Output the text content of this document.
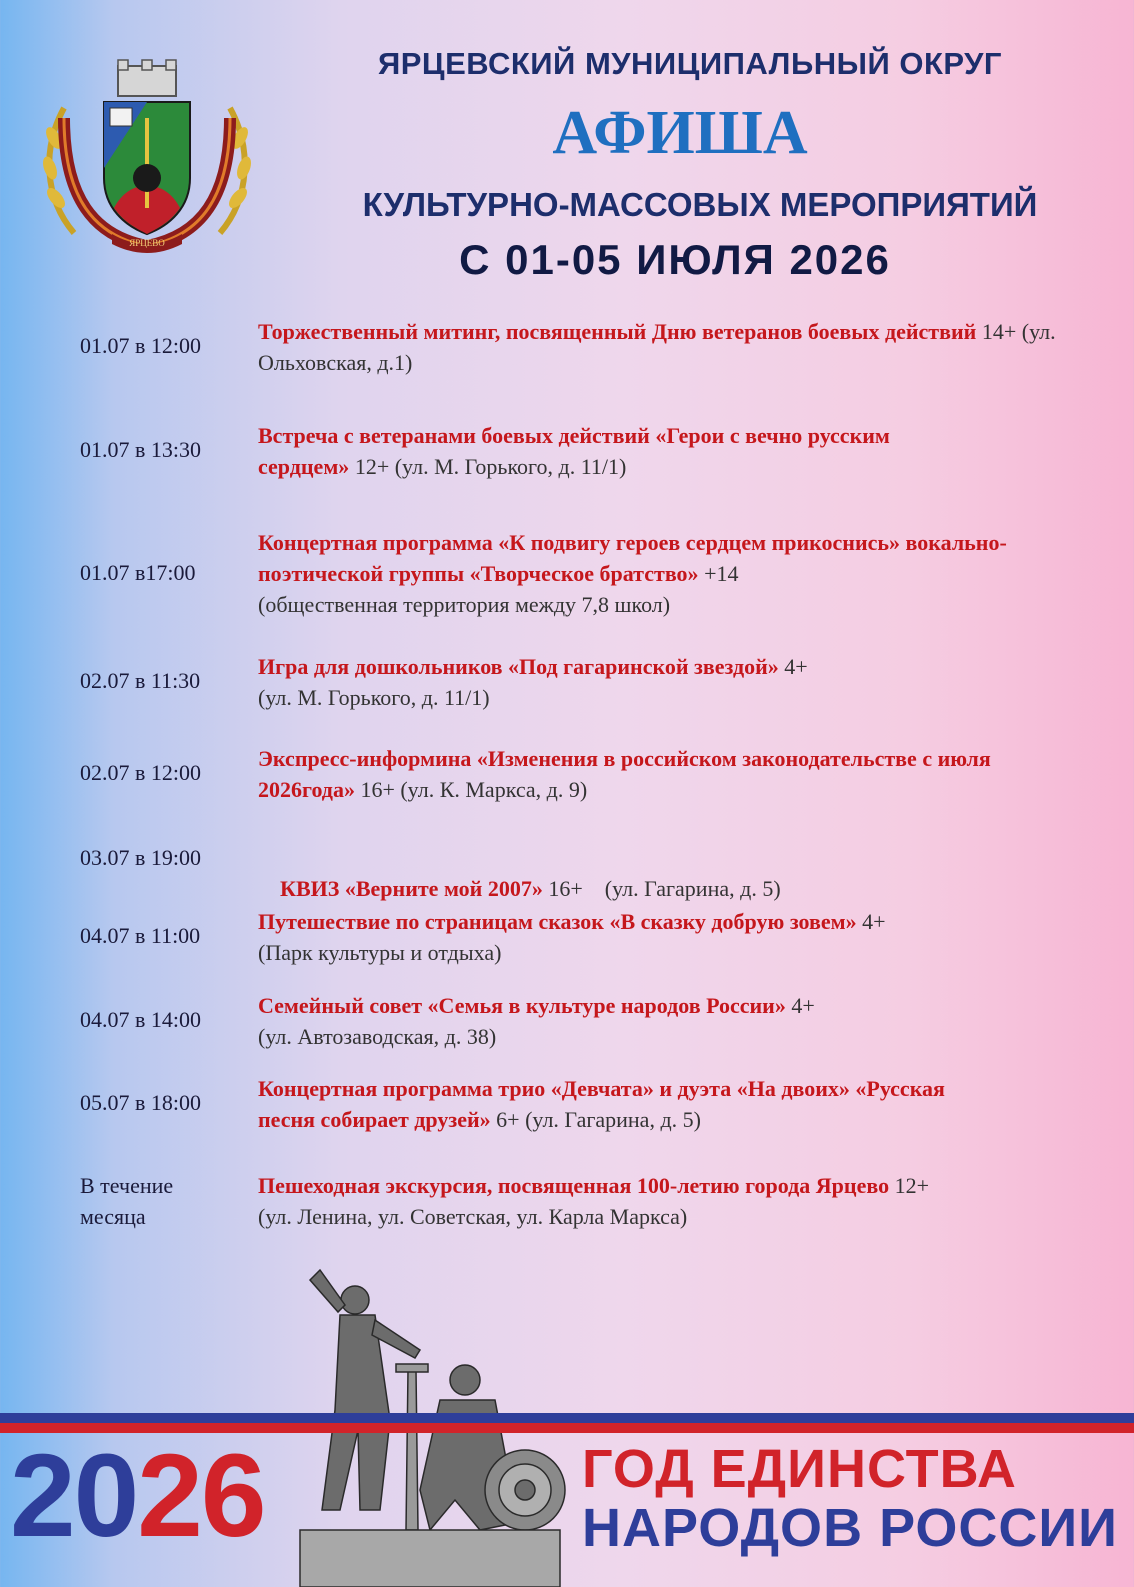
ЯРЦЕВО
ЯРЦЕВСКИЙ МУНИЦИПАЛЬНЫЙ ОКРУГ
АФИША
КУЛЬТУРНО-МАССОВЫХ МЕРОПРИЯТИЙ
С 01-05 ИЮЛЯ 2026
01.07 в 12:00
Торжественный митинг, посвященный Дню ветеранов боевых действий 14+ (ул. Ольховская, д.1)
01.07 в 13:30
Встреча с ветеранами боевых действий «Герои с вечно русским сердцем» 12+ (ул. М. Горького, д. 11/1)
01.07 в17:00
Концертная программа «К подвигу героев сердцем прикоснись» вокально-поэтической группы «Творческое братство» +14
(общественная территория между 7,8 школ)
02.07 в 11:30
Игра для дошкольников «Под гагаринской звездой» 4+
(ул. М. Горького, д. 11/1)
02.07 в 12:00
Экспресс-информина «Изменения в российском законодательстве с июля 2026года» 16+ (ул. К. Маркса, д. 9)
03.07 в 19:00

КВИЗ «Верните мой 2007» 16+    (ул. Гагарина, д. 5)

04.07 в 11:00
Путешествие по страницам сказок «В сказку добрую зовем» 4+
(Парк культуры и отдыха)
04.07 в 14:00
Семейный совет «Семья в культуре народов России» 4+
(ул. Автозаводская, д. 38)
05.07 в 18:00
Концертная программа трио «Девчата» и дуэта «На двоих» «Русская песня собирает друзей» 6+ (ул. Гагарина, д. 5)
В течение месяца
Пешеходная экскурсия, посвященная 100-летию города Ярцево 12+
(ул. Ленина, ул. Советская, ул. Карла Маркса)
2026	ГОД ЕДИНСТВА
НАРОДОВ РОССИИ
